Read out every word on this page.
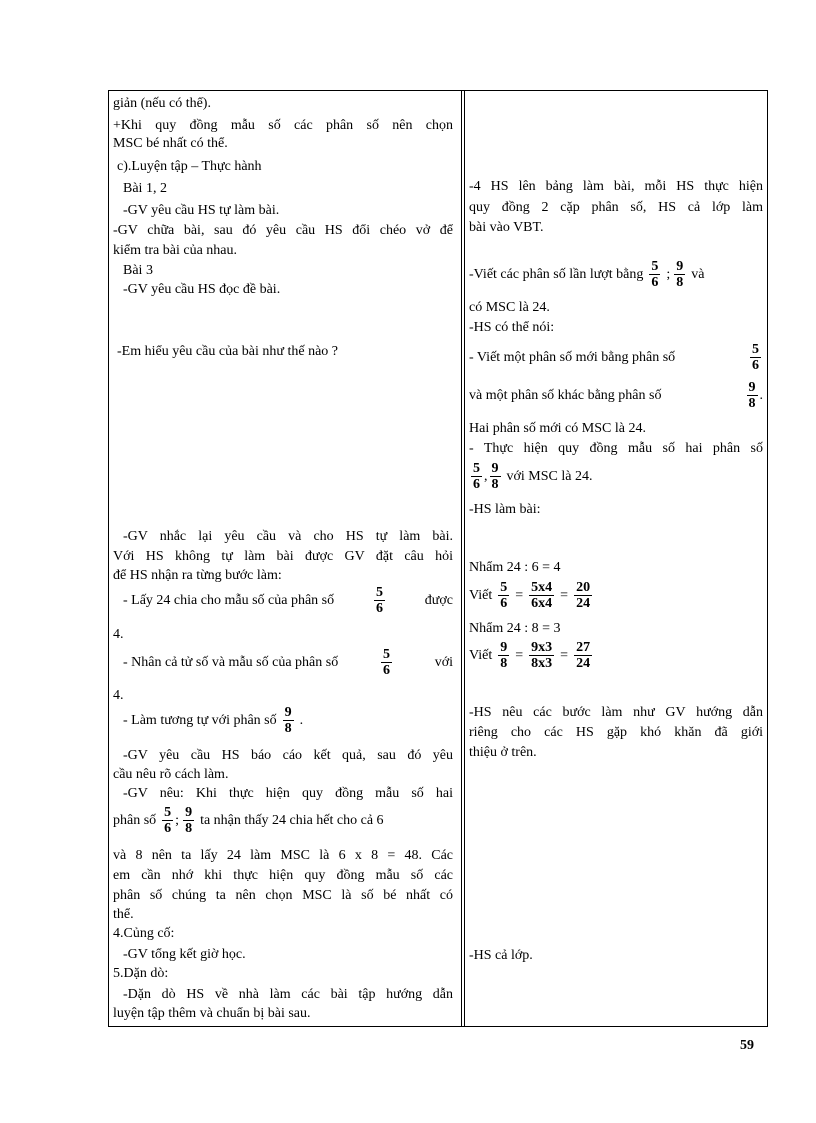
giản (nếu có thể).
+Khi quy đồng mẫu số các phân số nên chọn
MSC bé nhất có thể.
c).Luyện tập – Thực hành
Bài 1, 2
-GV yêu cầu HS tự làm bài.
-GV chữa bài, sau đó yêu cầu HS đổi chéo vở để
kiểm tra bài của nhau.
Bài 3
-GV yêu cầu HS đọc đề bài.
-Em hiểu yêu cầu của bài như thế nào ?
-GV nhắc lại yêu cầu và cho HS tự làm bài.
Với HS không tự làm bài được GV đặt câu hỏi
để HS nhận ra từng bước làm:
- Lấy 24 chia cho mẫu số của phân số	$\frac{5}{6}$	được
4.
- Nhân cả tử số và mẫu số của phân số	$\frac{5}{6}$	với
4.
- Làm tương tự với phân số $\frac{9}{8}$ .
-GV yêu cầu HS báo cáo kết quả, sau đó yêu
cầu nêu rõ cách làm.
-GV nêu: Khi thực hiện quy đồng mẫu số hai
phân số $\frac{5}{6}$ ; $\frac{9}{8}$ ta nhận thấy 24 chia hết cho cả 6
và 8 nên ta lấy 24 làm MSC là 6 x 8 = 48. Các
em cần nhớ khi thực hiện quy đồng mẫu số các
phân số chúng ta nên chọn MSC là số bé nhất có
thể.
4.Củng cố:
-GV tổng kết giờ học.
5.Dặn dò:
-Dặn dò HS về nhà làm các bài tập hướng dẫn
luyện tập thêm và chuẩn bị bài sau.
-4 HS lên bảng làm bài, mỗi HS thực hiện
quy đồng 2 cặp phân số, HS cả lớp làm
bài vào VBT.
-Viết các phân số lần lượt bằng $\frac{5}{6}$ ; $\frac{9}{8}$ và
có MSC là 24.
-HS có thể nói:
- Viết một phân số mới bằng phân số	$\frac{5}{6}$
và một phân số khác bằng phân số	$\frac{9}{8}$ .
Hai phân số mới có MSC là 24.
- Thực hiện quy đồng mẫu số hai phân số
$\frac{5}{6}$ , $\frac{9}{8}$ với MSC là 24.
-HS làm bài:
Nhẩm 24 : 6 = 4
Viết $\frac{5}{6} = \frac{5x4}{6x4} = \frac{20}{24}$
Nhẩm 24 : 8 = 3
Viết $\frac{9}{8} = \frac{9x3}{8x3} = \frac{27}{24}$
-HS nêu các bước làm như GV hướng dẫn
riêng cho các HS gặp khó khăn đã giới
thiệu ở trên.
-HS cả lớp.
59
